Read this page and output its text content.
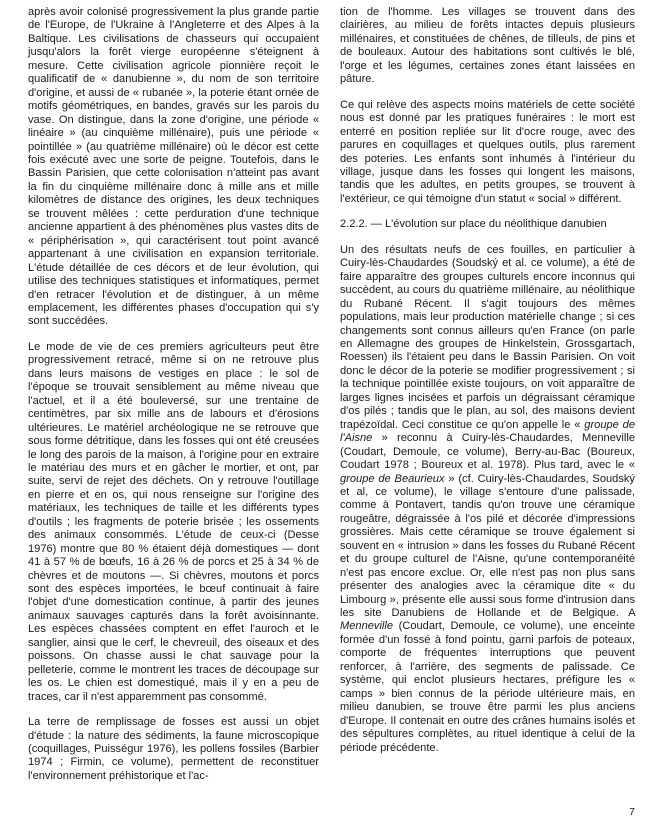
après avoir colonisé progressivement la plus grande partie de l'Europe, de l'Ukraine à l'Angleterre et des Alpes à la Baltique. Les civilisations de chasseurs qui occupaient jusqu'alors la forêt vierge européenne s'éteignent à mesure. Cette civilisation agricole pionnière reçoit le qualificatif de « danubienne », du nom de son territoire d'origine, et aussi de « rubanée », la poterie étant ornée de motifs géométriques, en bandes, gravés sur les parois du vase. On distingue, dans la zone d'origine, une période « linéaire » (au cinquième millénaire), puis une période « pointillée » (au quatrième millénaire) où le décor est cette fois exécuté avec une sorte de peigne. Toutefois, dans le Bassin Parisien, que cette colonisation n'atteint pas avant la fin du cinquième millénaire donc à mille ans et mille kilomètres de distance des origines, les deux techniques se trouvent mêlées : cette perduration d'une technique ancienne appartient à des phénomènes plus vastes dits de « périphérisation », qui caractérisent tout point avancé appartenant à une civilisation en expansion territoriale. L'étude détaillée de ces décors et de leur évolution, qui utilise des techniques statistiques et informatiques, permet d'en retracer l'évolution et de distinguer, à un même emplacement, les différentes phases d'occupation qui s'y sont succédées.

Le mode de vie de ces premiers agriculteurs peut être progressivement retracé, même si on ne retrouve plus dans leurs maisons de vestiges en place : le sol de l'époque se trouvait sensiblement au même niveau que l'actuel, et il a été bouleversé, sur une trentaine de centimètres, par six mille ans de labours et d'érosions ultérieures. Le matériel archéologique ne se retrouve que sous forme détritique, dans les fosses qui ont été creusées le long des parois de la maison, à l'origine pour en extraire le matériau des murs et en gâcher le mortier, et ont, par suite, servi de rejet des déchets. On y retrouve l'outillage en pierre et en os, qui nous renseigne sur l'origine des matériaux, les techniques de taille et les différents types d'outils ; les fragments de poterie brisée ; les ossements des animaux consommés. L'étude de ceux-ci (Desse 1976) montre que 80 % étaient déjà domestiques — dont 41 à 57 % de bœufs, 16 à 26 % de porcs et 25 à 34 % de chèvres et de moutons —. Si chèvres, moutons et porcs sont des espèces importées, le bœuf continuait à faire l'objet d'une domestication continue, à partir des jeunes animaux sauvages capturés dans la forêt avoisinnante. Les espèces chassées comptent en effet l'auroch et le sanglier, ainsi que le cerf, le chevreuil, des oiseaux et des poissons. On chasse aussi le chat sauvage pour la pelleterie, comme le montrent les traces de découpage sur les os. Le chien est domestiqué, mais il y en a peu de traces, car il n'est apparemment pas consommé.

La terre de remplissage de fosses est aussi un objet d'étude : la nature des sédiments, la faune microscopique (coquillages, Puisségur 1976), les pollens fossiles (Barbier 1974 ; Firmin, ce volume), permettent de reconstituer l'environnement préhistorique et l'ac-

tion de l'homme. Les villages se trouvent dans des clairières, au milieu de forêts intactes depuis plusieurs millénaires, et constituées de chênes, de tilleuls, de pins et de bouleaux. Autour des habitations sont cultivés le blé, l'orge et les légumes, certaines zones étant laissées en pâture.

Ce qui relève des aspects moins matériels de cette société nous est donné par les pratiques funéraires : le mort est enterré en position repliée sur lit d'ocre rouge, avec des parures en coquillages et quelques outils, plus rarement des poteries. Les enfants sont inhumés à l'intérieur du village, jusque dans les fosses qui longent les maisons, tandis que les adultes, en petits groupes, se trouvent à l'extérieur, ce qui témoigne d'un statut « social » différent.

2.2.2. — L'évolution sur place du néolithique danubien

Un des résultats neufs de ces fouilles, en particulier à Cuiry-lès-Chaudardes (Soudský et al. ce volume), a été de faire apparaître des groupes culturels encore inconnus qui succèdent, au cours du quatrième millénaire, au néolithique du Rubané Récent. Il s'agit toujours des mêmes populations, mais leur production matérielle change ; si ces changements sont connus ailleurs qu'en France (on parle en Allemagne des groupes de Hinkelstein, Grossgartach, Roessen) ils l'étaient peu dans le Bassin Parisien. On voit donc le décor de la poterie se modifier progressivement ; si la technique pointillée existe toujours, on voit apparaître de larges lignes incisées et parfois un dégraissant céramique d'os pilés ; tandis que le plan, au sol, des maisons devient trapézoïdal. Ceci constitue ce qu'on appelle le « groupe de l'Aisne » reconnu à Cuiry-lès-Chaudardes, Menneville (Coudart, Demoule, ce volume), Berry-au-Bac (Boureux, Coudart 1978 ; Boureux et al. 1978). Plus tard, avec le « groupe de Beaurieux » (cf. Cuiry-lès-Chaudardes, Soudský et al, ce volume), le village s'entoure d'une palissade, comme à Pontavert, tandis qu'on trouve une céramique rougeâtre, dégraissée à l'os pilé et décorée d'impressions grossières. Mais cette céramique se trouve également si souvent en « intrusion » dans les fosses du Rubané Récent et du groupe culturel de l'Aisne, qu'une contemporanéité n'est pas encore exclue. Or, elle n'est pas non plus sans présenter des analogies avec la céramique dite « du Limbourg », présente elle aussi sous forme d'intrusion dans les site Danubiens de Hollande et de Belgique. A Menneville (Coudart, Demoule, ce volume), une enceinte formée d'un fossé à fond pointu, garni parfois de poteaux, comporte de fréquentes interruptions que peuvent renforcer, à l'arrière, des segments de palissade. Ce système, qui enclot plusieurs hectares, préfigure les « camps » bien connus de la période ultérieure mais, en milieu danubien, se trouve être parmi les plus anciens d'Europe. Il contenait en outre des crânes humains isolés et des sépultures complètes, au rituel identique à celui de la période précédente.

7
